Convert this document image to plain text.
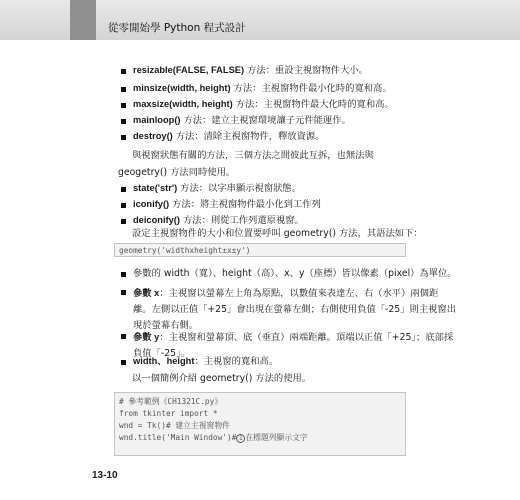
從零開始學 Python 程式設計
resizable(FALSE, FALSE) 方法：重設主視窗物件大小。
minsize(width, height) 方法：主視窗物件最小化時的寬和高。
maxsize(width, height) 方法：主視窗物件最大化時的寬和高。
mainloop() 方法：建立主視窗環境讓子元件能運作。
destroy() 方法：清除主視窗物件，釋放資源。
與視窗狀態有關的方法，三個方法之間彼此互拆，也無法與 geogetry() 方法同時使用。
state('str') 方法：以字串顯示視窗狀態。
iconify() 方法：將主視窗物件最小化到工作列
deiconify() 方法：則從工作列還原視窗。
設定主視窗物件的大小和位置要呼叫 geometry() 方法，其語法如下：
geometry('widthxheight±x±y')
參數的 width（寬）、height（高）、x、y（座標）皆以像素（pixel）為單位。
參數 x：主視窗以螢幕左上角為原點，以數值來表達左、右（水平）兩個距
離。左側以正值「+25」會出現在螢幕左側；右側使用負值「-25」則主視窗出
現於螢幕右側。
參數 y：主視窗和螢幕頂、底（垂直）兩端距離。頂端以正值「+25」；底部採
負值「-25」。
width、height：主視窗的寬和高。
以一個簡例介紹 geometry() 方法的使用。
# 參考範例《CH1321C.py》
from tkinter import *
wnd = Tk()# 建立主視窗物件
wnd.title('Main Window')# 1 在標題列顯示文字
13-10
